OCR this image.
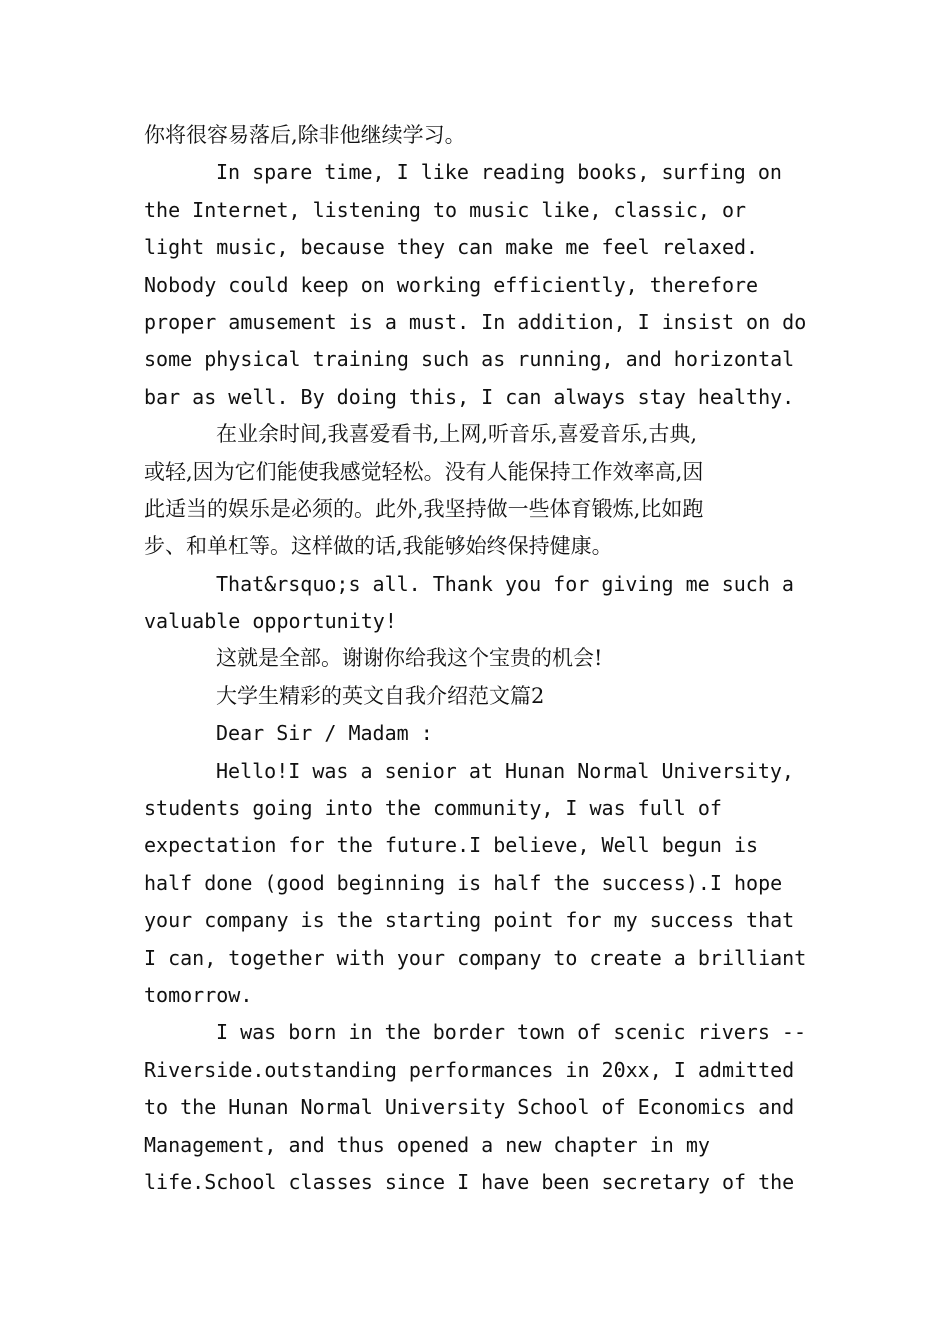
你将很容易落后,除非他继续学习。
In spare time, I like reading books, surfing on
the Internet, listening to music like, classic, or
light music, because they can make me feel relaxed.
Nobody could keep on working efficiently, therefore
proper amusement is a must. In addition, I insist on do
some physical training such as running, and horizontal
bar as well. By doing this, I can always stay healthy.
在业余时间,我喜爱看书,上网,听音乐,喜爱音乐,古典,
或轻,因为它们能使我感觉轻松。没有人能保持工作效率高,因
此适当的娱乐是必须的。此外,我坚持做一些体育锻炼,比如跑
步、和单杠等。这样做的话,我能够始终保持健康。
That&rsquo;s all. Thank you for giving me such a
valuable opportunity!
这就是全部。谢谢你给我这个宝贵的机会!
大学生精彩的英文自我介绍范文篇2
Dear Sir / Madam :
Hello!I was a senior at Hunan Normal University,
students going into the community, I was full of
expectation for the future.I believe, Well begun is
half done (good beginning is half the success).I hope
your company is the starting point for my success that
I can, together with your company to create a brilliant
tomorrow.
I was born in the border town of scenic rivers --
Riverside.outstanding performances in 20xx, I admitted
to the Hunan Normal University School of Economics and
Management, and thus opened a new chapter in my
life.School classes since I have been secretary of the
